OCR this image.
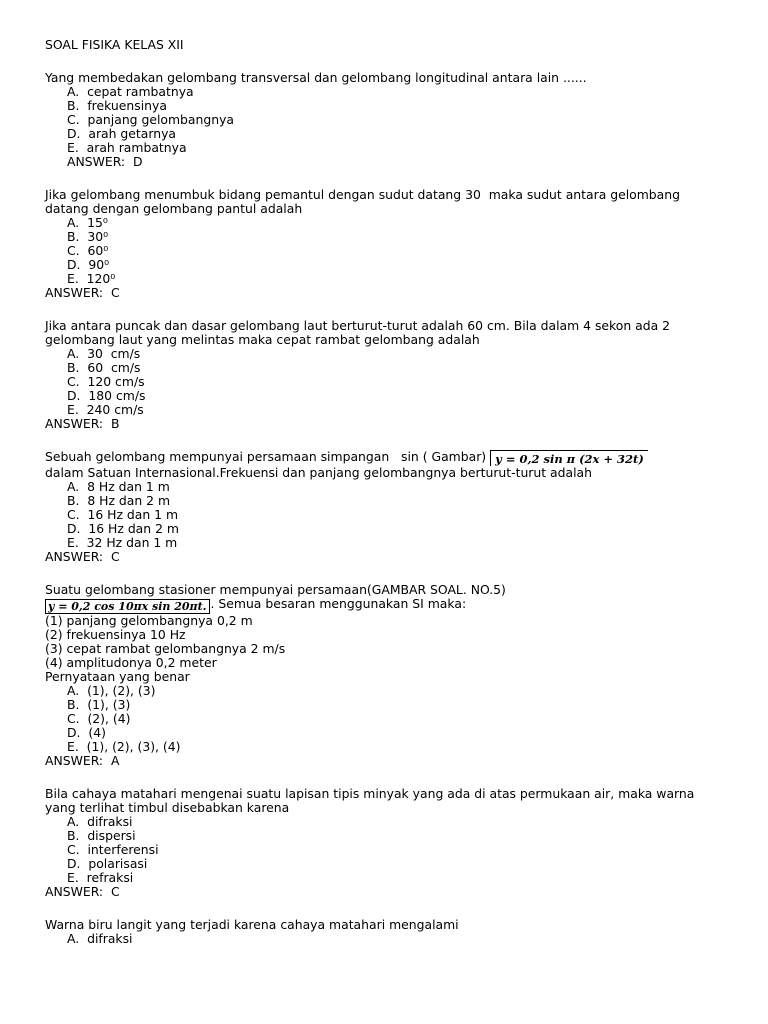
SOAL FISIKA KELAS XII
Yang membedakan gelombang transversal dan gelombang longitudinal antara lain ......
A.  cepat rambatnya
B.  frekuensinya
C.  panjang gelombangnya
D.  arah getarnya
E.  arah rambatnya
ANSWER:  D
Jika gelombang menumbuk bidang pemantul dengan sudut datang 30  maka sudut antara gelombang
datang dengan gelombang pantul adalah
A.  15⁰
B.  30⁰
C.  60⁰
D.  90⁰
E.  120⁰
ANSWER:  C
Jika antara puncak dan dasar gelombang laut berturut-turut adalah 60 cm. Bila dalam 4 sekon ada 2
gelombang laut yang melintas maka cepat rambat gelombang adalah
A.  30  cm/s
B.  60  cm/s
C.  120 cm/s
D.  180 cm/s
E.  240 cm/s
ANSWER:  B
Sebuah gelombang mempunyai persamaan simpangan   sin ( Gambar) y = 0,2 sin π (2x + 32t)
dalam Satuan Internasional.Frekuensi dan panjang gelombangnya berturut-turut adalah
A.  8 Hz dan 1 m
B.  8 Hz dan 2 m
C.  16 Hz dan 1 m
D.  16 Hz dan 2 m
E.  32 Hz dan 1 m
ANSWER:  C
Suatu gelombang stasioner mempunyai persamaan(GAMBAR SOAL. NO.5)
y = 0,2 cos 10πx sin 20πt. . Semua besaran menggunakan SI maka:
(1) panjang gelombangnya 0,2 m
(2) frekuensinya 10 Hz
(3) cepat rambat gelombangnya 2 m/s
(4) amplitudonya 0,2 meter
Pernyataan yang benar
A.  (1), (2), (3)
B.  (1), (3)
C.  (2), (4)
D.  (4)
E.  (1), (2), (3), (4)
ANSWER:  A
Bila cahaya matahari mengenai suatu lapisan tipis minyak yang ada di atas permukaan air, maka warna
yang terlihat timbul disebabkan karena
A.  difraksi
B.  dispersi
C.  interferensi
D.  polarisasi
E.  refraksi
ANSWER:  C
Warna biru langit yang terjadi karena cahaya matahari mengalami
A.  difraksi
